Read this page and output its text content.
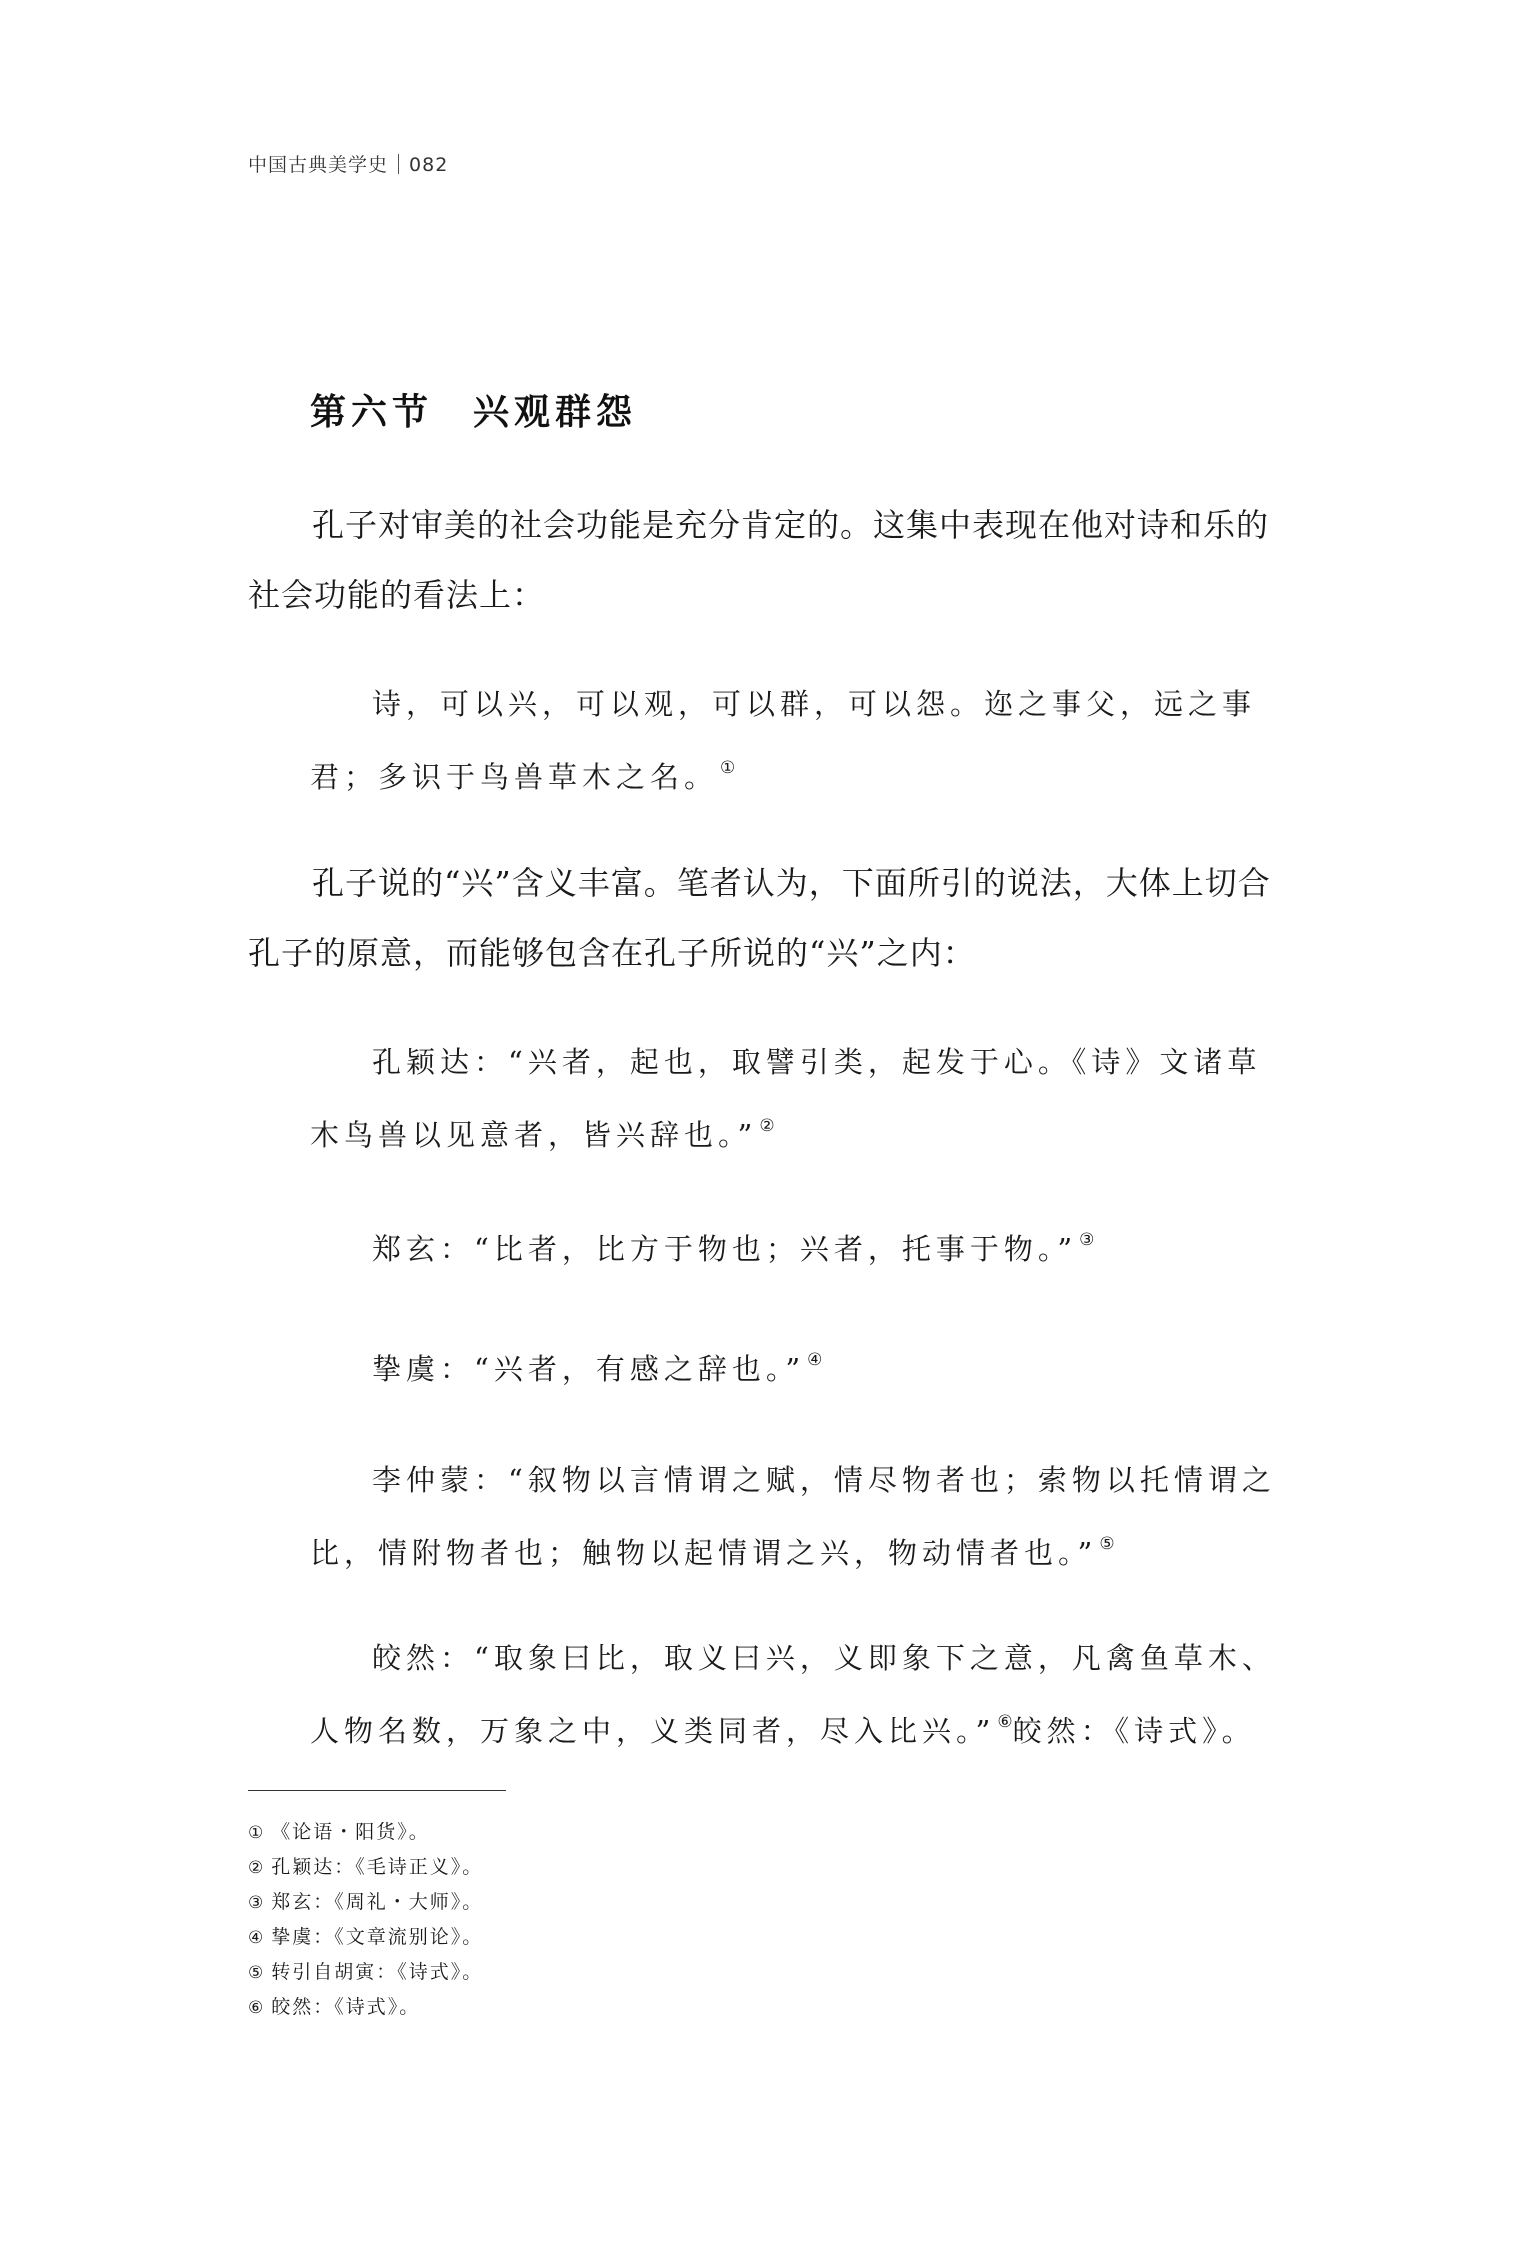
中国古典美学史 082
第六节 兴观群怨

孔子对审美的社会功能是充分肯定的。这集中表现在他对诗和乐的社会功能的看法上：

诗，可以兴，可以观，可以群，可以怨。迩之事父，远之事君；多识于鸟兽草木之名。 ①

孔子说的“兴”含义丰富。笔者认为，下面所引的说法，大体上切合孔子的原意，而能够包含在孔子所说的“兴”之内：

孔颖达：“兴者，起也，取譬引类，起发于心。《诗》文诸草木鸟兽以见意者，皆兴辞也。” ②

郑玄：“比者，比方于物也；兴者，托事于物。” ③

挚虞：“兴者，有感之辞也。” ④

李仲蒙：“叙物以言情谓之赋，情尽物者也；索物以托情谓之比，情附物者也；触物以起情谓之兴，物动情者也。” ⑤

皎然：“取象曰比，取义曰兴，义即象下之意，凡禽鱼草木、人物名数，万象之中，义类同者，尽入比兴。” ⑥皎然：《诗式》。

① 《论语・阳货》。
② 孔颖达：《毛诗正义》。
③ 郑玄：《周礼・大师》。
④ 挚虞：《文章流别论》。
⑤ 转引自胡寅：《诗式》。
⑥ 皎然：《诗式》。
